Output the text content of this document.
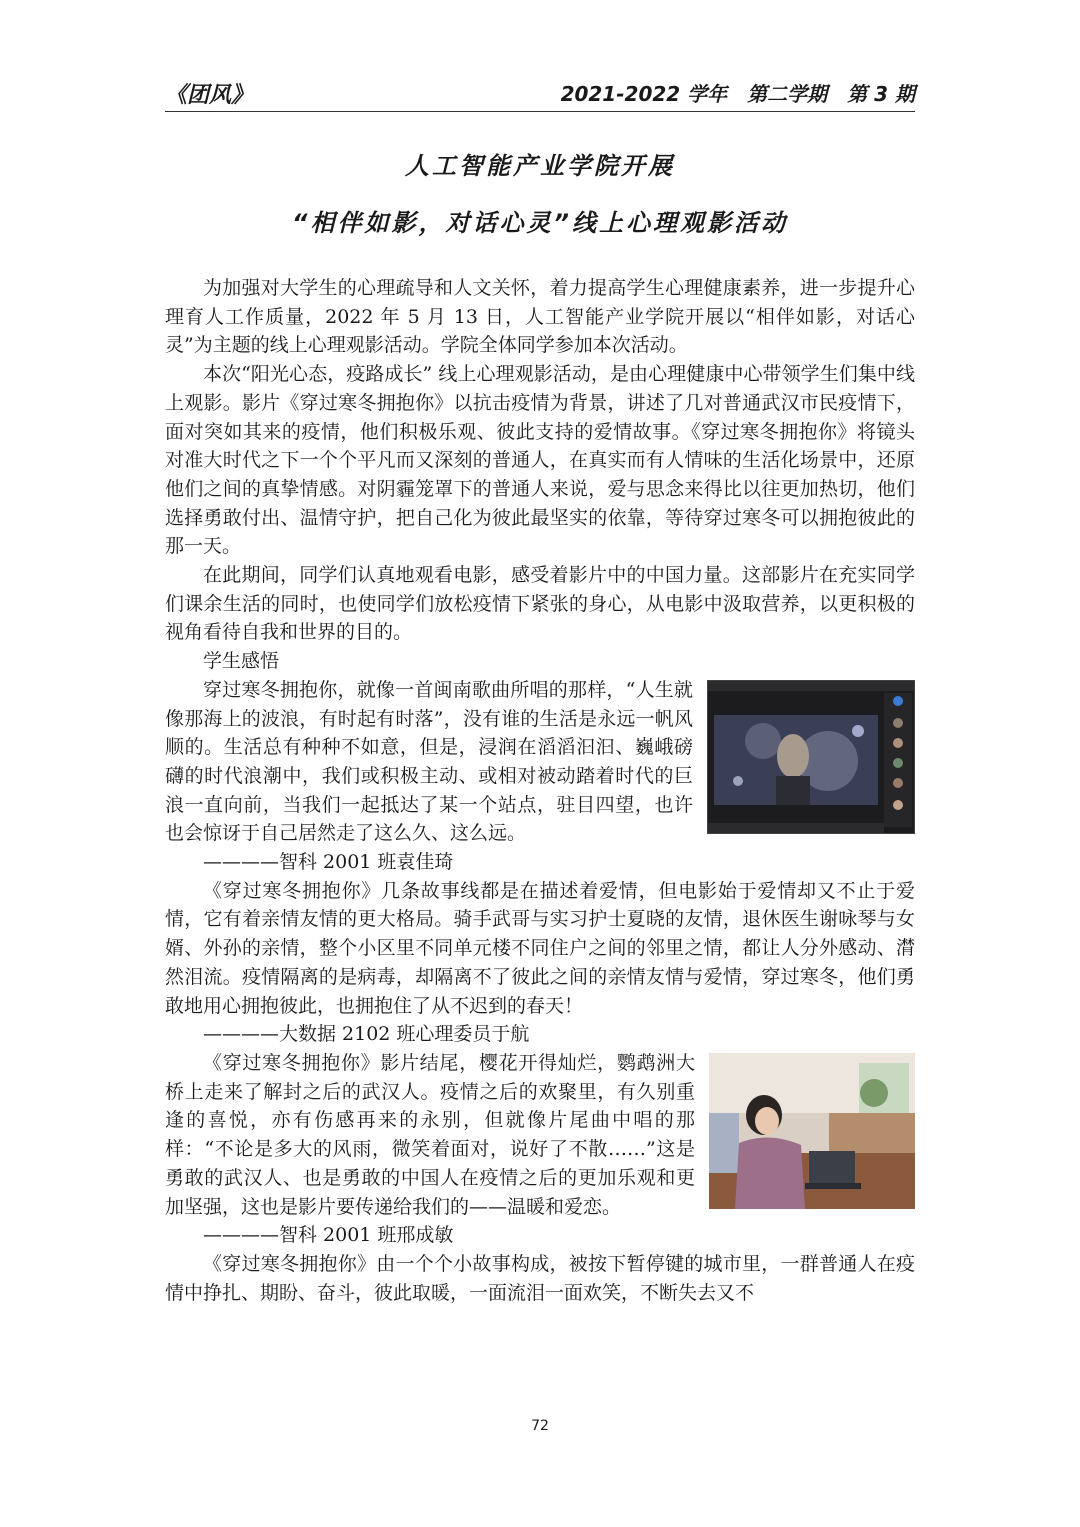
《团风》	2021-2022 学年　第二学期　第 3 期
人工智能产业学院开展
“相伴如影，对话心灵”线上心理观影活动

为加强对大学生的心理疏导和人文关怀，着力提高学生心理健康素养，进一步提升心理育人工作质量，2022 年 5 月 13 日，人工智能产业学院开展以“相伴如影，对话心灵”为主题的线上心理观影活动。学院全体同学参加本次活动。

本次“阳光心态，疫路成长” 线上心理观影活动，是由心理健康中心带领学生们集中线上观影。影片《穿过寒冬拥抱你》以抗击疫情为背景，讲述了几对普通武汉市民疫情下，面对突如其来的疫情，他们积极乐观、彼此支持的爱情故事。《穿过寒冬拥抱你》将镜头对准大时代之下一个个平凡而又深刻的普通人，在真实而有人情味的生活化场景中，还原他们之间的真挚情感。对阴霾笼罩下的普通人来说，爱与思念来得比以往更加热切，他们选择勇敢付出、温情守护，把自己化为彼此最坚实的依靠，等待穿过寒冬可以拥抱彼此的那一天。

在此期间，同学们认真地观看电影，感受着影片中的中国力量。这部影片在充实同学们课余生活的同时，也使同学们放松疫情下紧张的身心，从电影中汲取营养，以更积极的视角看待自我和世界的目的。

学生感悟

穿过寒冬拥抱你，就像一首闽南歌曲所唱的那样，“人生就像那海上的波浪，有时起有时落”，没有谁的生活是永远一帆风顺的。生活总有种种不如意，但是，浸润在滔滔汩汩、巍峨磅礴的时代浪潮中，我们或积极主动、或相对被动踏着时代的巨浪一直向前，当我们一起抵达了某一个站点，驻目四望，也许也会惊讶于自己居然走了这么久、这么远。

————智科 2001 班袁佳琦

《穿过寒冬拥抱你》几条故事线都是在描述着爱情，但电影始于爱情却又不止于爱情，它有着亲情友情的更大格局。骑手武哥与实习护士夏晓的友情，退休医生谢咏琴与女婿、外孙的亲情，整个小区里不同单元楼不同住户之间的邻里之情，都让人分外感动、潸然泪流。疫情隔离的是病毒，却隔离不了彼此之间的亲情友情与爱情，穿过寒冬，他们勇敢地用心拥抱彼此，也拥抱住了从不迟到的春天！

————大数据 2102 班心理委员于航

《穿过寒冬拥抱你》影片结尾，樱花开得灿烂，鹦鹉洲大桥上走来了解封之后的武汉人。疫情之后的欢聚里，有久别重逢的喜悦，亦有伤感再来的永别，但就像片尾曲中唱的那样：“不论是多大的风雨，微笑着面对，说好了不散……”这是勇敢的武汉人、也是勇敢的中国人在疫情之后的更加乐观和更加坚强，这也是影片要传递给我们的——温暖和爱恋。

————智科 2001 班邢成敏

《穿过寒冬拥抱你》由一个个小故事构成，被按下暂停键的城市里，一群普通人在疫情中挣扎、期盼、奋斗，彼此取暖，一面流泪一面欢笑，不断失去又不

72
